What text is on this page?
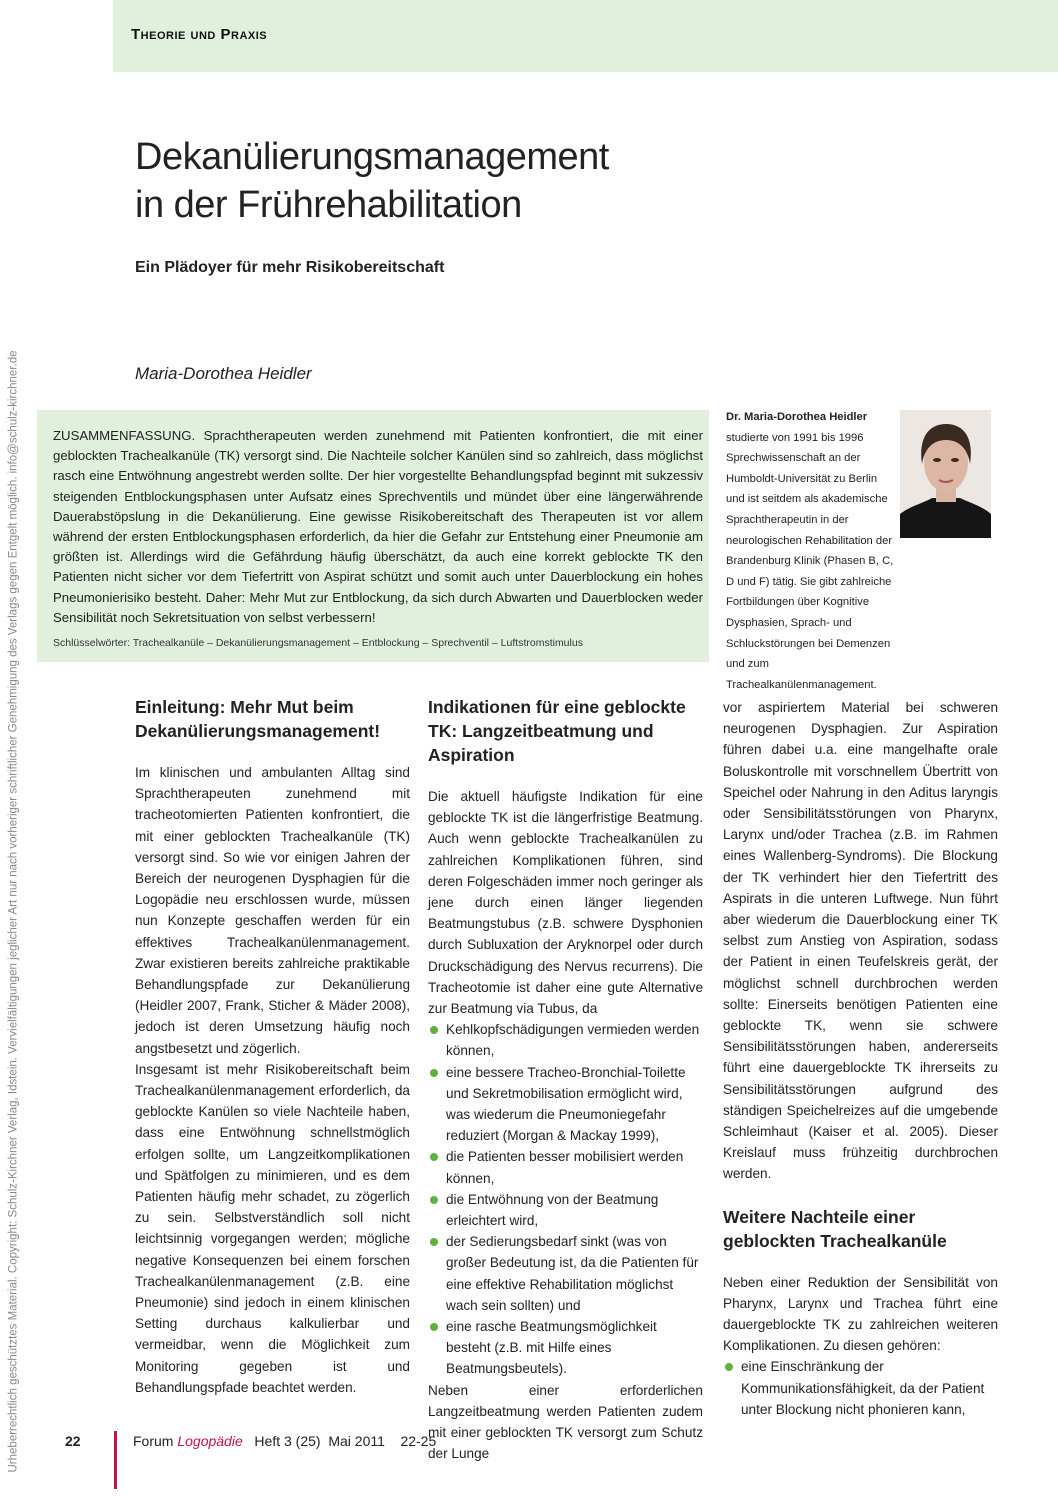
Theorie und Praxis
Urheberrechtlich geschütztes Material. Copyright: Schulz-Kirchner Verlag, Idstein. Vervielfältigungen jeglicher Art nur nach vorheriger schriftlicher Genehmigung des Verlags gegen Entgelt möglich. info@schulz-kirchner.de
Dekanülierungsmanagement
in der Frührehabilitation
Ein Plädoyer für mehr Risikobereitschaft
Maria-Dorothea Heidler

ZUSAMMENFASSUNG. Sprachtherapeuten werden zunehmend mit Patienten konfrontiert, die mit einer geblockten Trachealkanüle (TK) versorgt sind. Die Nachteile solcher Kanülen sind so zahlreich, dass möglichst rasch eine Entwöhnung angestrebt werden sollte. Der hier vorgestellte Behandlungspfad beginnt mit sukzessiv steigenden Entblockungsphasen unter Aufsatz eines Sprechventils und mündet über eine längerwährende Dauerabstöpslung in die Dekanülierung. Eine gewisse Risikobereitschaft des Therapeuten ist vor allem während der ersten Entblockungsphasen erforderlich, da hier die Gefahr zur Entstehung einer Pneumonie am größten ist. Allerdings wird die Gefährdung häufig überschätzt, da auch eine korrekt geblockte TK den Patienten nicht sicher vor dem Tiefertritt von Aspirat schützt und somit auch unter Dauerblockung ein hohes Pneumonierisiko besteht. Daher: Mehr Mut zur Entblockung, da sich durch Abwarten und Dauerblocken weder Sensibilität noch Sekretsituation von selbst verbessern!

Schlüsselwörter: Trachealkanüle – Dekanülierungsmanagement – Entblockung – Sprechventil – Luftstromstimulus
Dr. Maria-Dorothea Heidler
studierte von 1991 bis 1996 Sprechwissenschaft an der Humboldt-Universität zu Berlin und ist seitdem als akademische Sprachtherapeutin in der neurologischen Rehabilitation der Brandenburg Klinik (Phasen B, C, D und F) tätig. Sie gibt zahlreiche Fortbildungen über Kognitive Dysphasien, Sprach- und Schluckstörungen bei Demenzen und zum Trachealkanülenmanagement.
Einleitung: Mehr Mut beim Dekanülierungsmanagement!

Im klinischen und ambulanten Alltag sind Sprachtherapeuten zunehmend mit tracheotomierten Patienten konfrontiert, die mit einer geblockten Trachealkanüle (TK) versorgt sind. So wie vor einigen Jahren der Bereich der neurogenen Dysphagien für die Logopädie neu erschlossen wurde, müssen nun Konzepte geschaffen werden für ein effektives Trachealkanülenmanagement. Zwar existieren bereits zahlreiche praktikable Behandlungspfade zur Dekanülierung (Heidler 2007, Frank, Sticher & Mäder 2008), jedoch ist deren Umsetzung häufig noch angstbesetzt und zögerlich.

Insgesamt ist mehr Risikobereitschaft beim Trachealkanülenmanagement erforderlich, da geblockte Kanülen so viele Nachteile haben, dass eine Entwöhnung schnellstmöglich erfolgen sollte, um Langzeitkomplikationen und Spätfolgen zu minimieren, und es dem Patienten häufig mehr schadet, zu zögerlich zu sein. Selbstverständlich soll nicht leichtsinnig vorgegangen werden; mögliche negative Konsequenzen bei einem forschen Trachealkanülenmanagement (z.B. eine Pneumonie) sind jedoch in einem klinischen Setting durchaus kalkulierbar und vermeidbar, wenn die Möglichkeit zum Monitoring gegeben ist und Behandlungspfade beachtet werden.

Indikationen für eine geblockte TK: Langzeitbeatmung und Aspiration

Die aktuell häufigste Indikation für eine geblockte TK ist die längerfristige Beatmung. Auch wenn geblockte Trachealkanülen zu zahlreichen Komplikationen führen, sind deren Folgeschäden immer noch geringer als jene durch einen länger liegenden Beatmungstubus (z.B. schwere Dysphonien durch Subluxation der Aryknorpel oder durch Druckschädigung des Nervus recurrens). Die Tracheotomie ist daher eine gute Alternative zur Beatmung via Tubus, da

Kehlkopfschädigungen vermieden werden können,
eine bessere Tracheo-Bronchial-Toilette und Sekretmobilisation ermöglicht wird, was wiederum die Pneumoniegefahr reduziert (Morgan & Mackay 1999),
die Patienten besser mobilisiert werden können,
die Entwöhnung von der Beatmung erleichtert wird,
der Sedierungsbedarf sinkt (was von großer Bedeutung ist, da die Patienten für eine effektive Rehabilitation möglichst wach sein sollten) und
eine rasche Beatmungsmöglichkeit besteht (z.B. mit Hilfe eines Beatmungsbeutels).

Neben einer erforderlichen Langzeitbeatmung werden Patienten zudem mit einer geblockten TK versorgt zum Schutz der Lunge

vor aspiriertem Material bei schweren neurogenen Dysphagien. Zur Aspiration führen dabei u.a. eine mangelhafte orale Boluskontrolle mit vorschnellem Übertritt von Speichel oder Nahrung in den Aditus laryngis oder Sensibilitätsstörungen von Pharynx, Larynx und/oder Trachea (z.B. im Rahmen eines Wallenberg-Syndroms). Die Blockung der TK verhindert hier den Tiefertritt des Aspirats in die unteren Luftwege. Nun führt aber wiederum die Dauerblockung einer TK selbst zum Anstieg von Aspiration, sodass der Patient in einen Teufelskreis gerät, der möglichst schnell durchbrochen werden sollte: Einerseits benötigen Patienten eine geblockte TK, wenn sie schwere Sensibilitätsstörungen haben, andererseits führt eine dauergeblockte TK ihrerseits zu Sensibilitätsstörungen aufgrund des ständigen Speichelreizes auf die umgebende Schleimhaut (Kaiser et al. 2005). Dieser Kreislauf muss frühzeitig durchbrochen werden.

Weitere Nachteile einer geblockten Trachealkanüle

Neben einer Reduktion der Sensibilität von Pharynx, Larynx und Trachea führt eine dauergeblockte TK zu zahlreichen weiteren Komplikationen. Zu diesen gehören:

eine Einschränkung der Kommunikationsfähigkeit, da der Patient unter Blockung nicht phonieren kann,
22	Forum Logopädie Heft 3 (25)  Mai 2011    22-25
